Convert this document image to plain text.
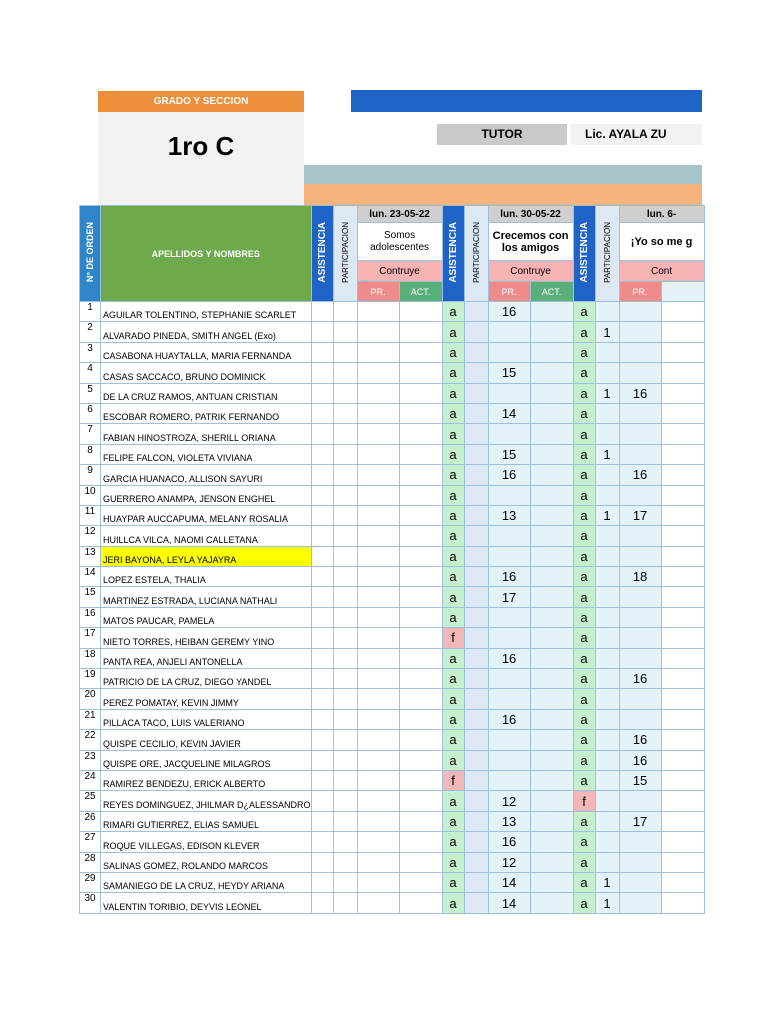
GRADO Y SECCION
1ro C	TUTOR	Lic. AYALA ZU
N° DE ORDEN	APELLIDOS Y NOMBRES	ASISTENCIA	PARTICIPACION	lun. 23-05-22		ASISTENCIA	PARTICIPACION	lun. 30-05-22		ASISTENCIA	PARTICIPACION	lun. 6-	
				Somos adolescentes				Crecemos con los amigos				¡Yo so me g	
				Contruye				Contruye				Cont	
				PR.	ACT.			PR.	ACT.			PR.	

1	AGUILAR TOLENTINO, STEPHANIE SCARLET					a		16		a			
2	ALVARADO PINEDA, SMITH ANGEL (Exo)					a				a	1		
3	CASABONA HUAYTALLA, MARIA FERNANDA					a				a			
4	CASAS SACCACO, BRUNO DOMINICK					a		15		a			
5	DE LA CRUZ RAMOS, ANTUAN CRISTIAN					a				a	1	16	
6	ESCOBAR ROMERO, PATRIK FERNANDO					a		14		a			
7	FABIAN HINOSTROZA, SHERILL ORIANA					a				a			
8	FELIPE FALCON, VIOLETA VIVIANA					a		15		a	1		
9	GARCIA HUANACO, ALLISON SAYURI					a		16		a		16	
10	GUERRERO ANAMPA, JENSON ENGHEL					a				a			
11	HUAYPAR AUCCAPUMA, MELANY ROSALIA					a		13		a	1	17	
12	HUILLCA VILCA, NAOMI CALLETANA					a				a			
13	JERI BAYONA, LEYLA YAJAYRA					a				a			
14	LOPEZ ESTELA, THALIA					a		16		a		18	
15	MARTINEZ ESTRADA, LUCIANA NATHALI					a		17		a			
16	MATOS PAUCAR, PAMELA					a				a			
17	NIETO TORRES, HEIBAN GEREMY YINO					f				a			
18	PANTA REA, ANJELI ANTONELLA					a		16		a			
19	PATRICIO DE LA CRUZ, DIEGO YANDEL					a				a		16	
20	PEREZ POMATAY, KEVIN JIMMY					a				a			
21	PILLACA TACO, LUIS VALERIANO					a		16		a			
22	QUISPE CECILIO, KEVIN JAVIER					a				a		16	
23	QUISPE ORE, JACQUELINE MILAGROS					a				a		16	
24	RAMIREZ BENDEZU, ERICK ALBERTO					f				a		15	
25	REYES DOMINGUEZ, JHILMAR D¿ALESSANDRO					a		12		f			
26	RIMARI GUTIERREZ, ELIAS SAMUEL					a		13		a		17	
27	ROQUE VILLEGAS, EDISON KLEVER					a		16		a			
28	SALINAS GOMEZ, ROLANDO MARCOS					a		12		a			
29	SAMANIEGO DE LA CRUZ, HEYDY ARIANA					a		14		a	1		
30	VALENTIN TORIBIO, DEYVIS LEONEL					a		14		a	1		
